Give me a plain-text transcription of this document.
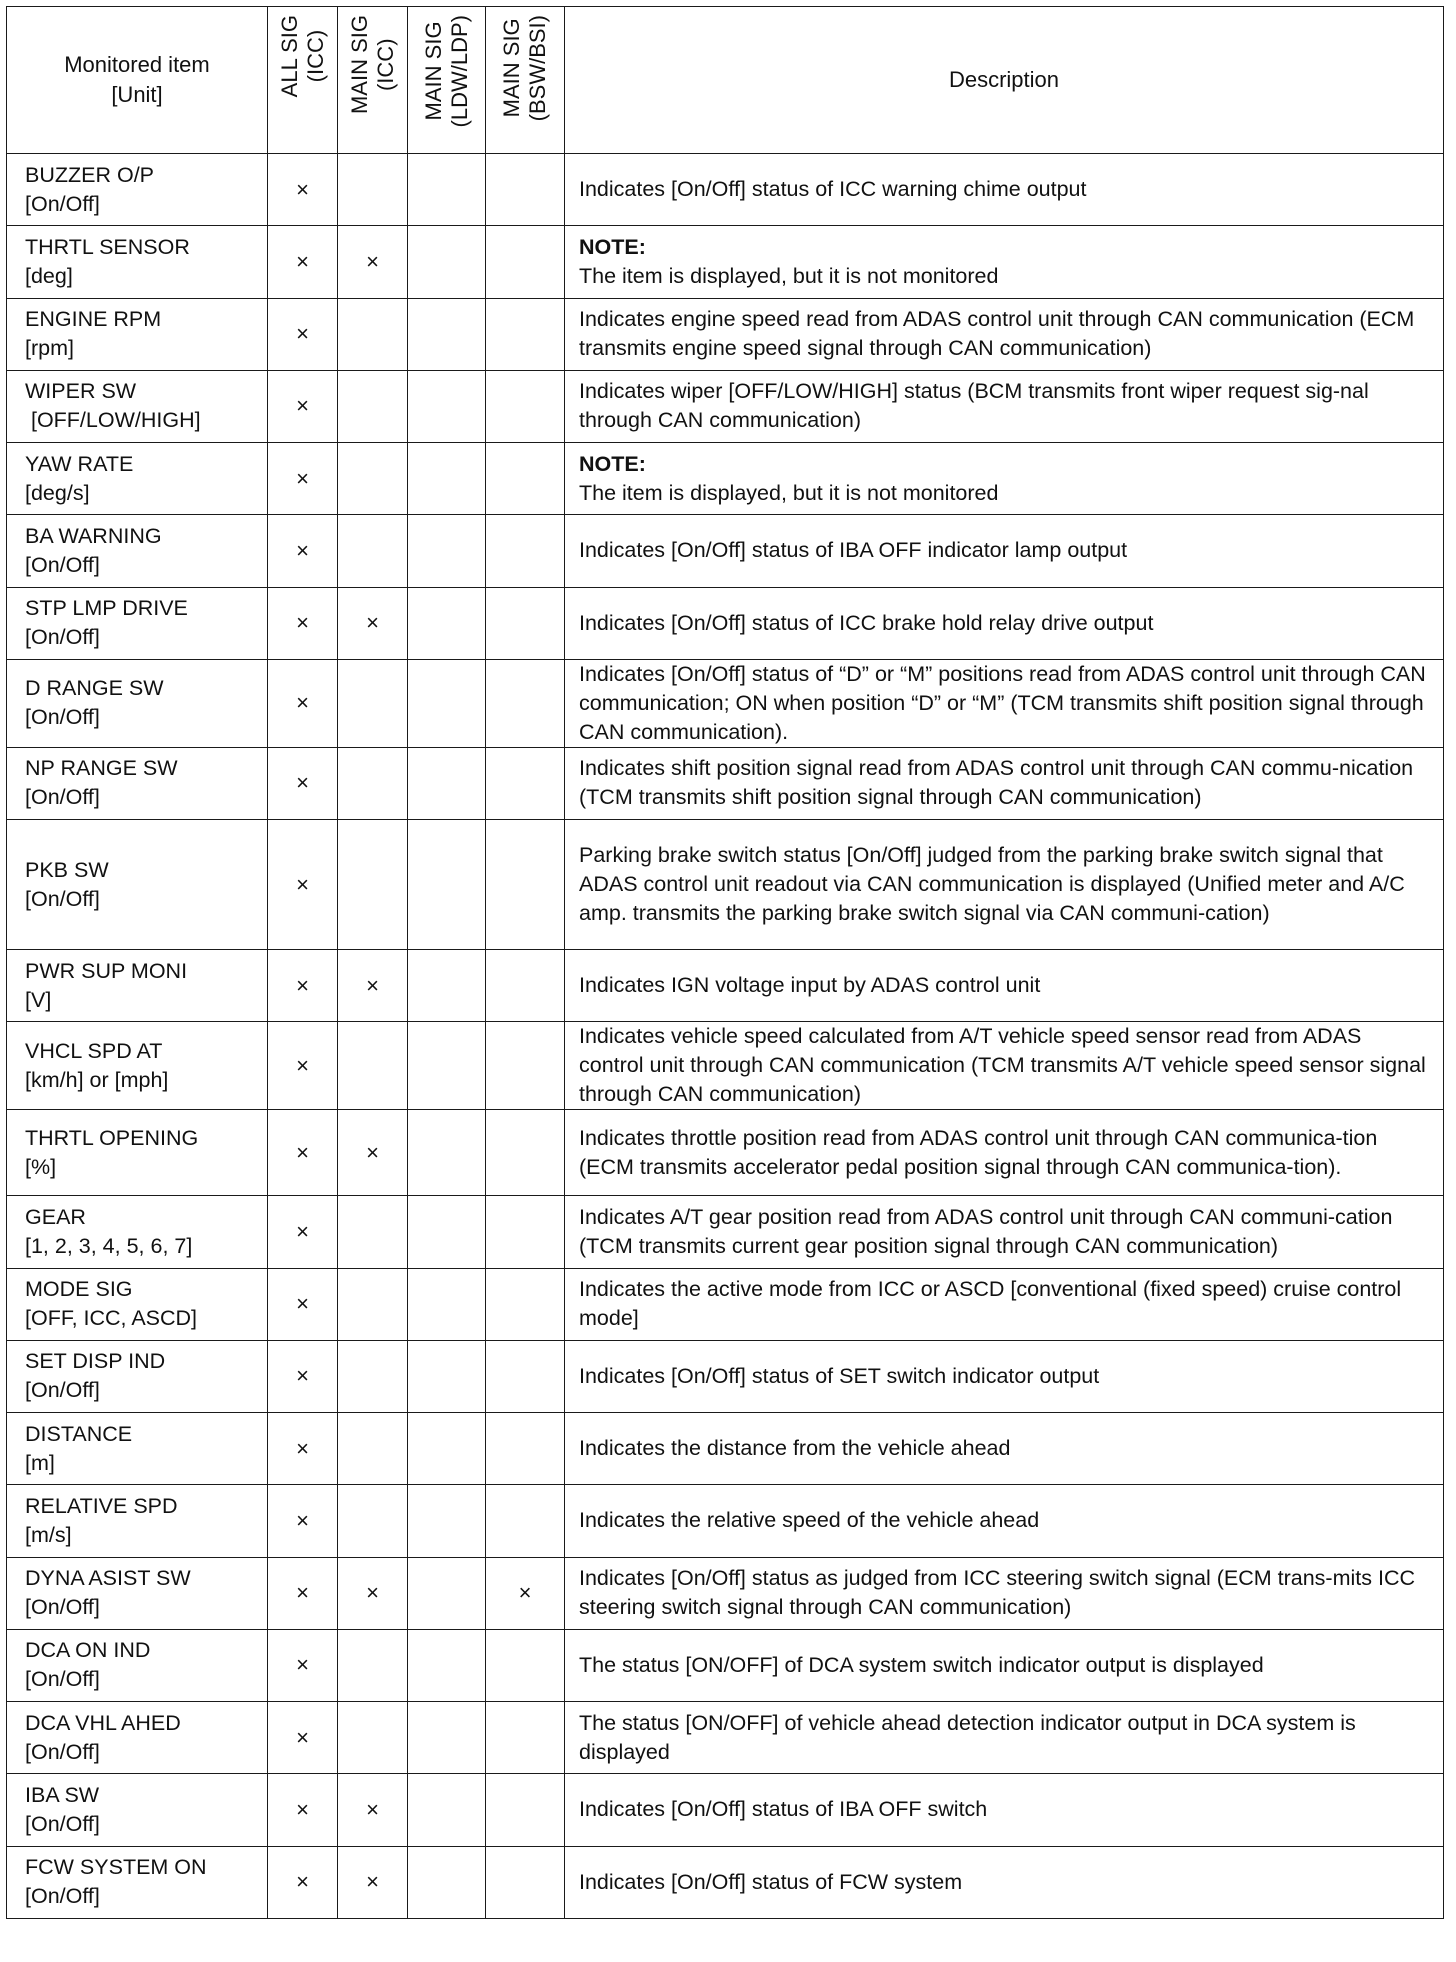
Monitored item
[Unit]	ALL SIG (ICC)	MAIN SIG (ICC)	MAIN SIG (LDW/LDP)	MAIN SIG (BSW/BSI)	Description

BUZZER O/P
[On/Off]	×				Indicates [On/Off] status of ICC warning chime output

THRTL SENSOR
[deg]	×	×			NOTE:
The item is displayed, but it is not monitored

ENGINE RPM
[rpm]	×				Indicates engine speed read from ADAS control unit through CAN communication (ECM transmits engine speed signal through CAN communication)

WIPER SW
[OFF/LOW/HIGH]	×				Indicates wiper [OFF/LOW/HIGH] status (BCM transmits front wiper request sig-nal through CAN communication)

YAW RATE
[deg/s]	×				NOTE:
The item is displayed, but it is not monitored

BA WARNING
[On/Off]	×				Indicates [On/Off] status of IBA OFF indicator lamp output

STP LMP DRIVE
[On/Off]	×	×			Indicates [On/Off] status of ICC brake hold relay drive output

D RANGE SW
[On/Off]	×				Indicates [On/Off] status of “D” or “M” positions read from ADAS control unit through CAN communication; ON when position “D” or “M” (TCM transmits shift position signal through CAN communication).

NP RANGE SW
[On/Off]	×				Indicates shift position signal read from ADAS control unit through CAN commu-nication (TCM transmits shift position signal through CAN communication)

PKB SW
[On/Off]	×				Parking brake switch status [On/Off] judged from the parking brake switch signal that ADAS control unit readout via CAN communication is displayed (Unified meter and A/C amp. transmits the parking brake switch signal via CAN communi-cation)

PWR SUP MONI
[V]	×	×			Indicates IGN voltage input by ADAS control unit

VHCL SPD AT
[km/h] or [mph]	×				Indicates vehicle speed calculated from A/T vehicle speed sensor read from ADAS control unit through CAN communication (TCM transmits A/T vehicle speed sensor signal through CAN communication)

THRTL OPENING
[%]	×	×			Indicates throttle position read from ADAS control unit through CAN communica-tion (ECM transmits accelerator pedal position signal through CAN communica-tion).

GEAR
[1, 2, 3, 4, 5, 6, 7]	×				Indicates A/T gear position read from ADAS control unit through CAN communi-cation (TCM transmits current gear position signal through CAN communication)

MODE SIG
[OFF, ICC, ASCD]	×				Indicates the active mode from ICC or ASCD [conventional (fixed speed) cruise control mode]

SET DISP IND
[On/Off]	×				Indicates [On/Off] status of SET switch indicator output

DISTANCE
[m]	×				Indicates the distance from the vehicle ahead

RELATIVE SPD
[m/s]	×				Indicates the relative speed of the vehicle ahead

DYNA ASIST SW
[On/Off]	×	×		×	Indicates [On/Off] status as judged from ICC steering switch signal (ECM trans-mits ICC steering switch signal through CAN communication)

DCA ON IND
[On/Off]	×				The status [ON/OFF] of DCA system switch indicator output is displayed

DCA VHL AHED
[On/Off]	×				The status [ON/OFF] of vehicle ahead detection indicator output in DCA system is displayed

IBA SW
[On/Off]	×	×			Indicates [On/Off] status of IBA OFF switch

FCW SYSTEM ON
[On/Off]	×	×			Indicates [On/Off] status of FCW system
